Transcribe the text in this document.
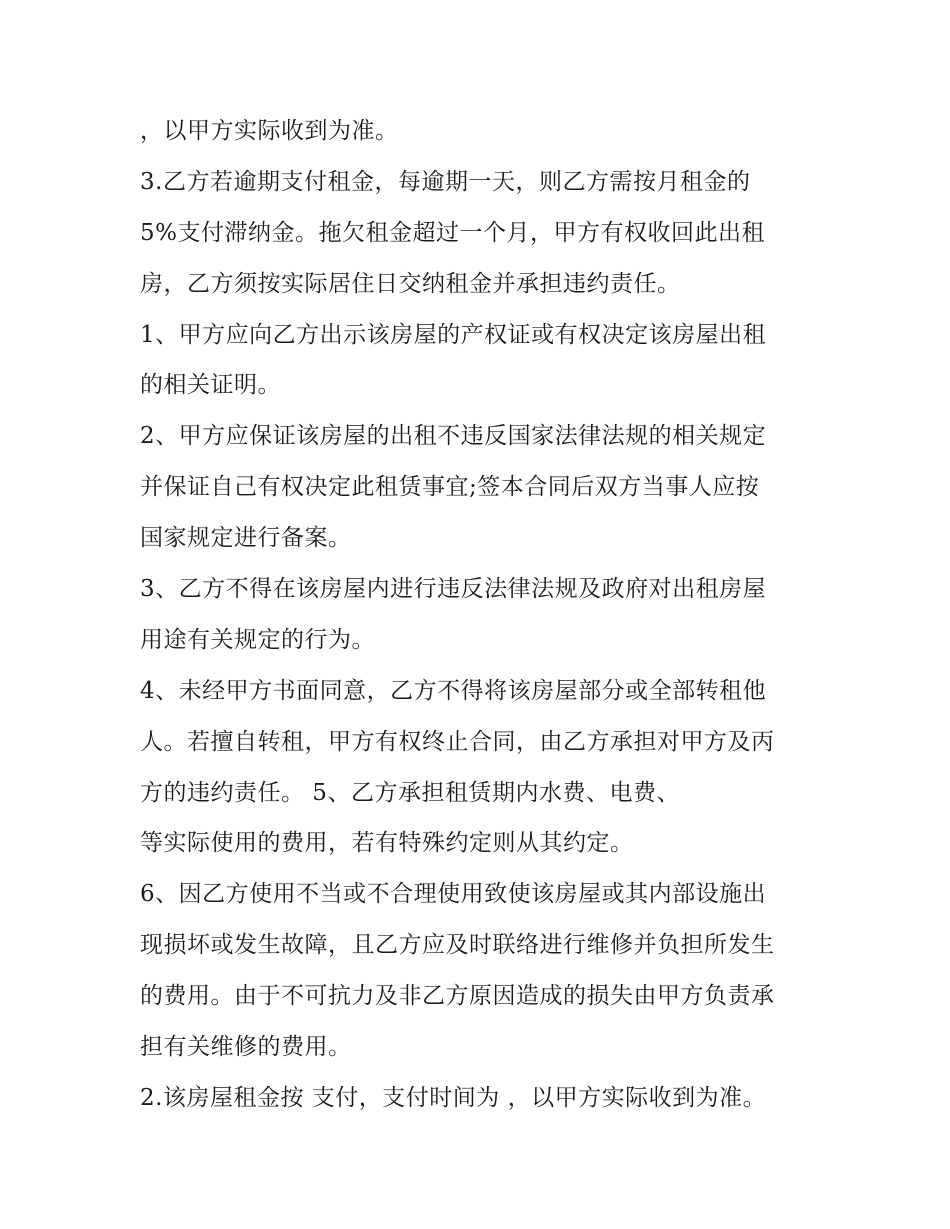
，以甲方实际收到为准。
3.乙方若逾期支付租金，每逾期一天，则乙方需按月租金的
5%支付滞纳金。拖欠租金超过一个月，甲方有权收回此出租
房，乙方须按实际居住日交纳租金并承担违约责任。
1、甲方应向乙方出示该房屋的产权证或有权决定该房屋出租
的相关证明。
2、甲方应保证该房屋的出租不违反国家法律法规的相关规定
并保证自己有权决定此租赁事宜;签本合同后双方当事人应按
国家规定进行备案。
3、乙方不得在该房屋内进行违反法律法规及政府对出租房屋
用途有关规定的行为。
4、未经甲方书面同意，乙方不得将该房屋部分或全部转租他
人。若擅自转租，甲方有权终止合同，由乙方承担对甲方及丙
方的违约责任。 5、乙方承担租赁期内水费、电费、
等实际使用的费用，若有特殊约定则从其约定。
6、因乙方使用不当或不合理使用致使该房屋或其内部设施出
现损坏或发生故障，且乙方应及时联络进行维修并负担所发生
的费用。由于不可抗力及非乙方原因造成的损失由甲方负责承
担有关维修的费用。
2.该房屋租金按 支付，支付时间为 ，以甲方实际收到为准。
